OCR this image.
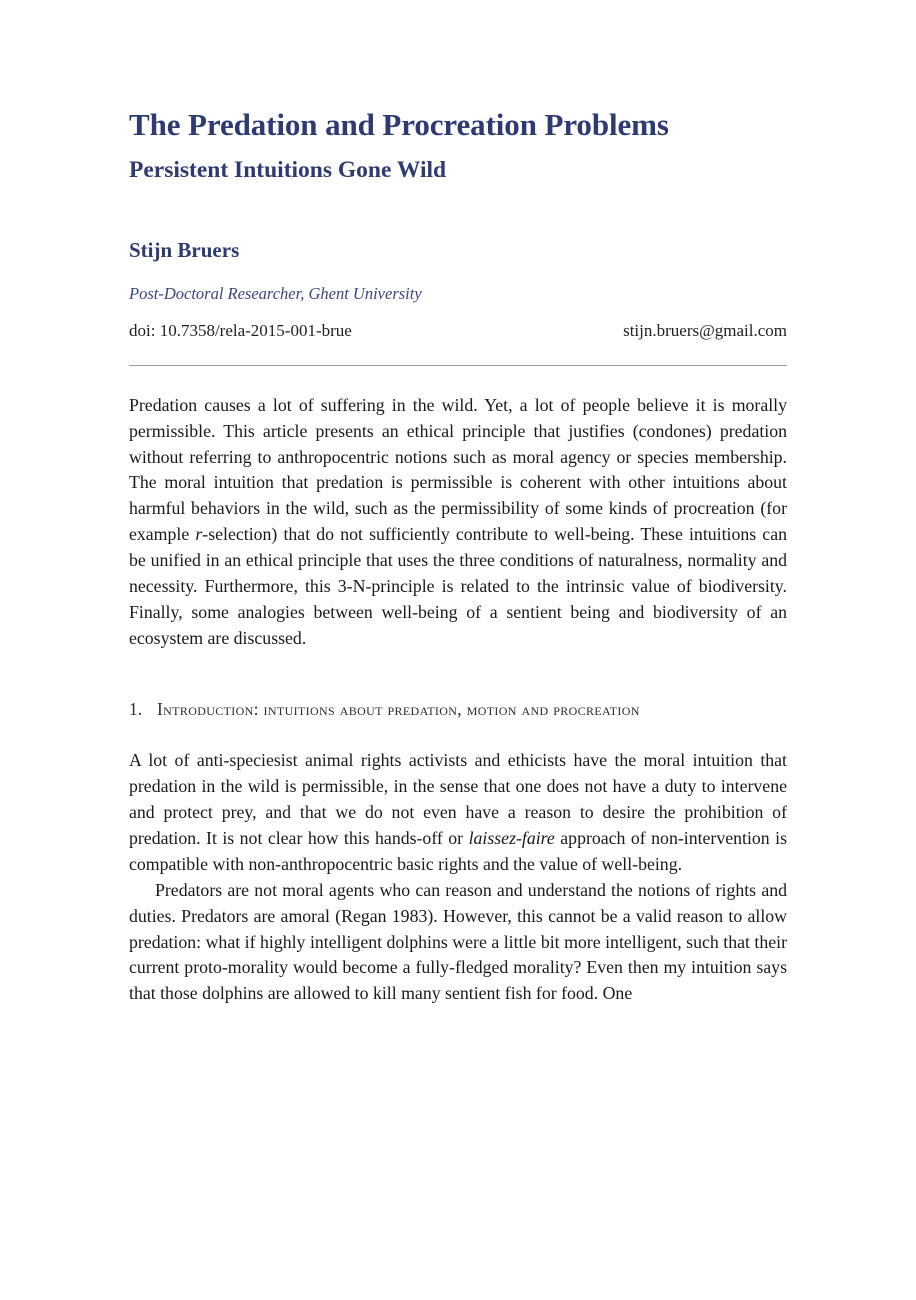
The Predation and Procreation Problems
Persistent Intuitions Gone Wild
Stijn Bruers
Post-Doctoral Researcher, Ghent University
doi: 10.7358/rela-2015-001-brue	stijn.bruers@gmail.com

Predation causes a lot of suffering in the wild. Yet, a lot of people believe it is morally permissible. This article presents an ethical principle that justifies (condones) predation without referring to anthropocentric notions such as moral agency or species membership. The moral intuition that predation is permissible is coherent with other intuitions about harmful behaviors in the wild, such as the permissibility of some kinds of procreation (for example r-selection) that do not sufficiently contribute to well-being. These intuitions can be unified in an ethical principle that uses the three conditions of naturalness, normality and necessity. Furthermore, this 3-N-principle is related to the intrinsic value of biodiversity. Finally, some analogies between well-being of a sentient being and biodiversity of an ecosystem are discussed.

1. Introduction: intuitions about predation, motion and procreation

A lot of anti-speciesist animal rights activists and ethicists have the moral intuition that predation in the wild is permissible, in the sense that one does not have a duty to intervene and protect prey, and that we do not even have a reason to desire the prohibition of predation. It is not clear how this hands-off or laissez-faire approach of non-intervention is compatible with non-anthropocentric basic rights and the value of well-being.

Predators are not moral agents who can reason and understand the notions of rights and duties. Predators are amoral (Regan 1983). However, this cannot be a valid reason to allow predation: what if highly intelligent dolphins were a little bit more intelligent, such that their current proto-morality would become a fully-fledged morality? Even then my intuition says that those dolphins are allowed to kill many sentient fish for food. One
